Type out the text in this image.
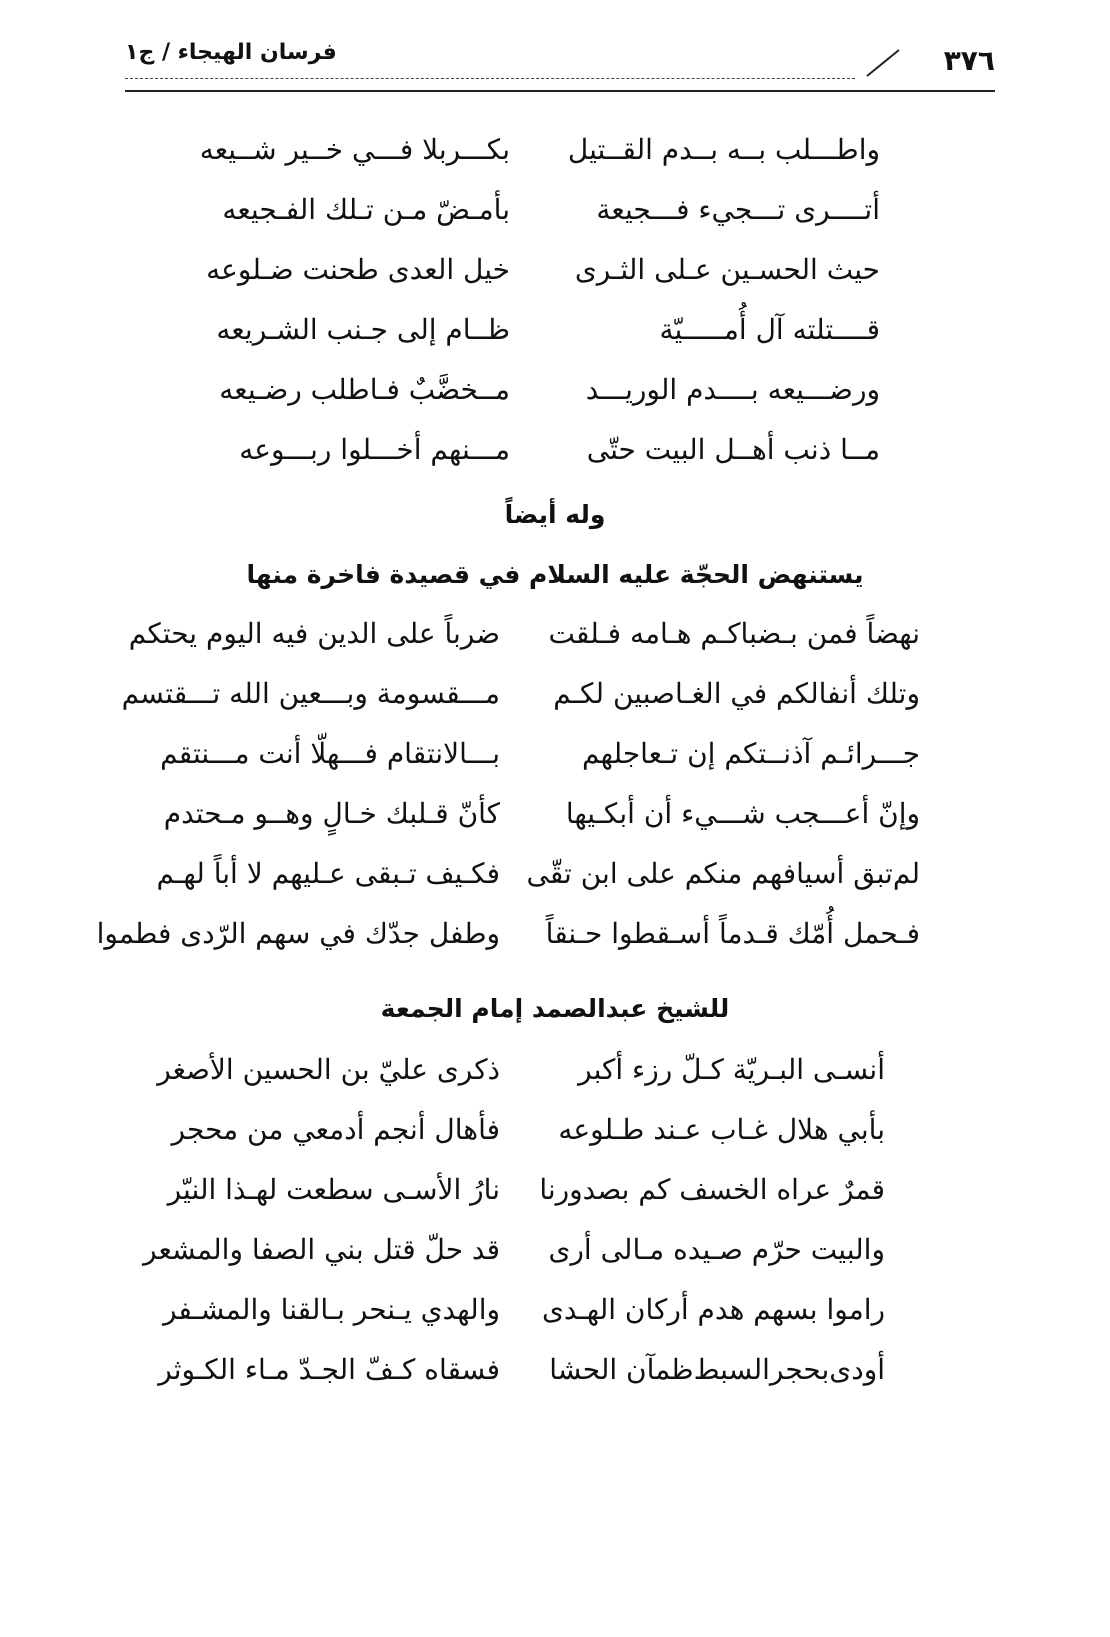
٣٧٦
فرسان الهيجاء / ج١
واطـــلب بــه بــدم القــتيل
بكـــربلا فـــي خــير شــيعه
أتــــرى تـــجيء فـــجيعة
بأمـضّ مـن تـلك الفـجيعه
حيث الحسـين عـلى الثـرى
خيل العدى طحنت ضـلوعه
قــــتلته آل أُمـــــيّة
ظــام إلى جـنب الشـريعه
ورضـــيعه بــــدم الوريـــد
مــخضَّبٌ فـاطلب رضـيعه
مــا ذنب أهــل البيت حتّى
مـــنهم أخـــلوا ربـــوعه
وله أيضاً
يستنهض الحجّة عليه السلام في قصيدة فاخرة منها
نهضاً فمن بـضباكـم هـامه فـلقت
ضرباً على الدين فيه اليوم يحتكم
وتلك أنفالكم في الغـاصبين لكـم
مـــقسومة وبـــعين الله تـــقتسم
جـــرائـم آذنــتكم إن تـعاجلهم
بـــالانتقام فـــهلّا أنت مـــنتقم
وإنّ أعـــجب شـــيء أن أبكـيها
كأنّ قـلبك خـالٍ وهــو مـحتدم
لم‌تبق أسيافهم منكم على ابن تقّى
فكـيف تـبقى عـليهم لا أباً لهـم
فـحمل أُمّك قـدماً أسـقطوا حـنقاً
وطفل جدّك في سهم الرّدى فطموا
للشيخ عبدالصمد إمام الجمعة
أنسـى البـريّة كـلّ رزء أكبر
ذكرى عليّ بن الحسين الأصغر
بأبي هلال غـاب عـند طـلوعه
فأهال أنجم أدمعي من محجر
قمرٌ عراه الخسف كم بصدورنا
نارُ الأسـى سطعت لهـذا النيّر
والبيت حرّم صـيده مـالى أرى
قد حلّ قتل بني الصفا والمشعر
راموا بسهم هدم أركان الهـدى
والهدي يـنحر بـالقنا والمشـفر
أودى‌بحجرالسبط‌ظمآن الحشا
فسقاه كـفّ الجـدّ مـاء الكـوثر
